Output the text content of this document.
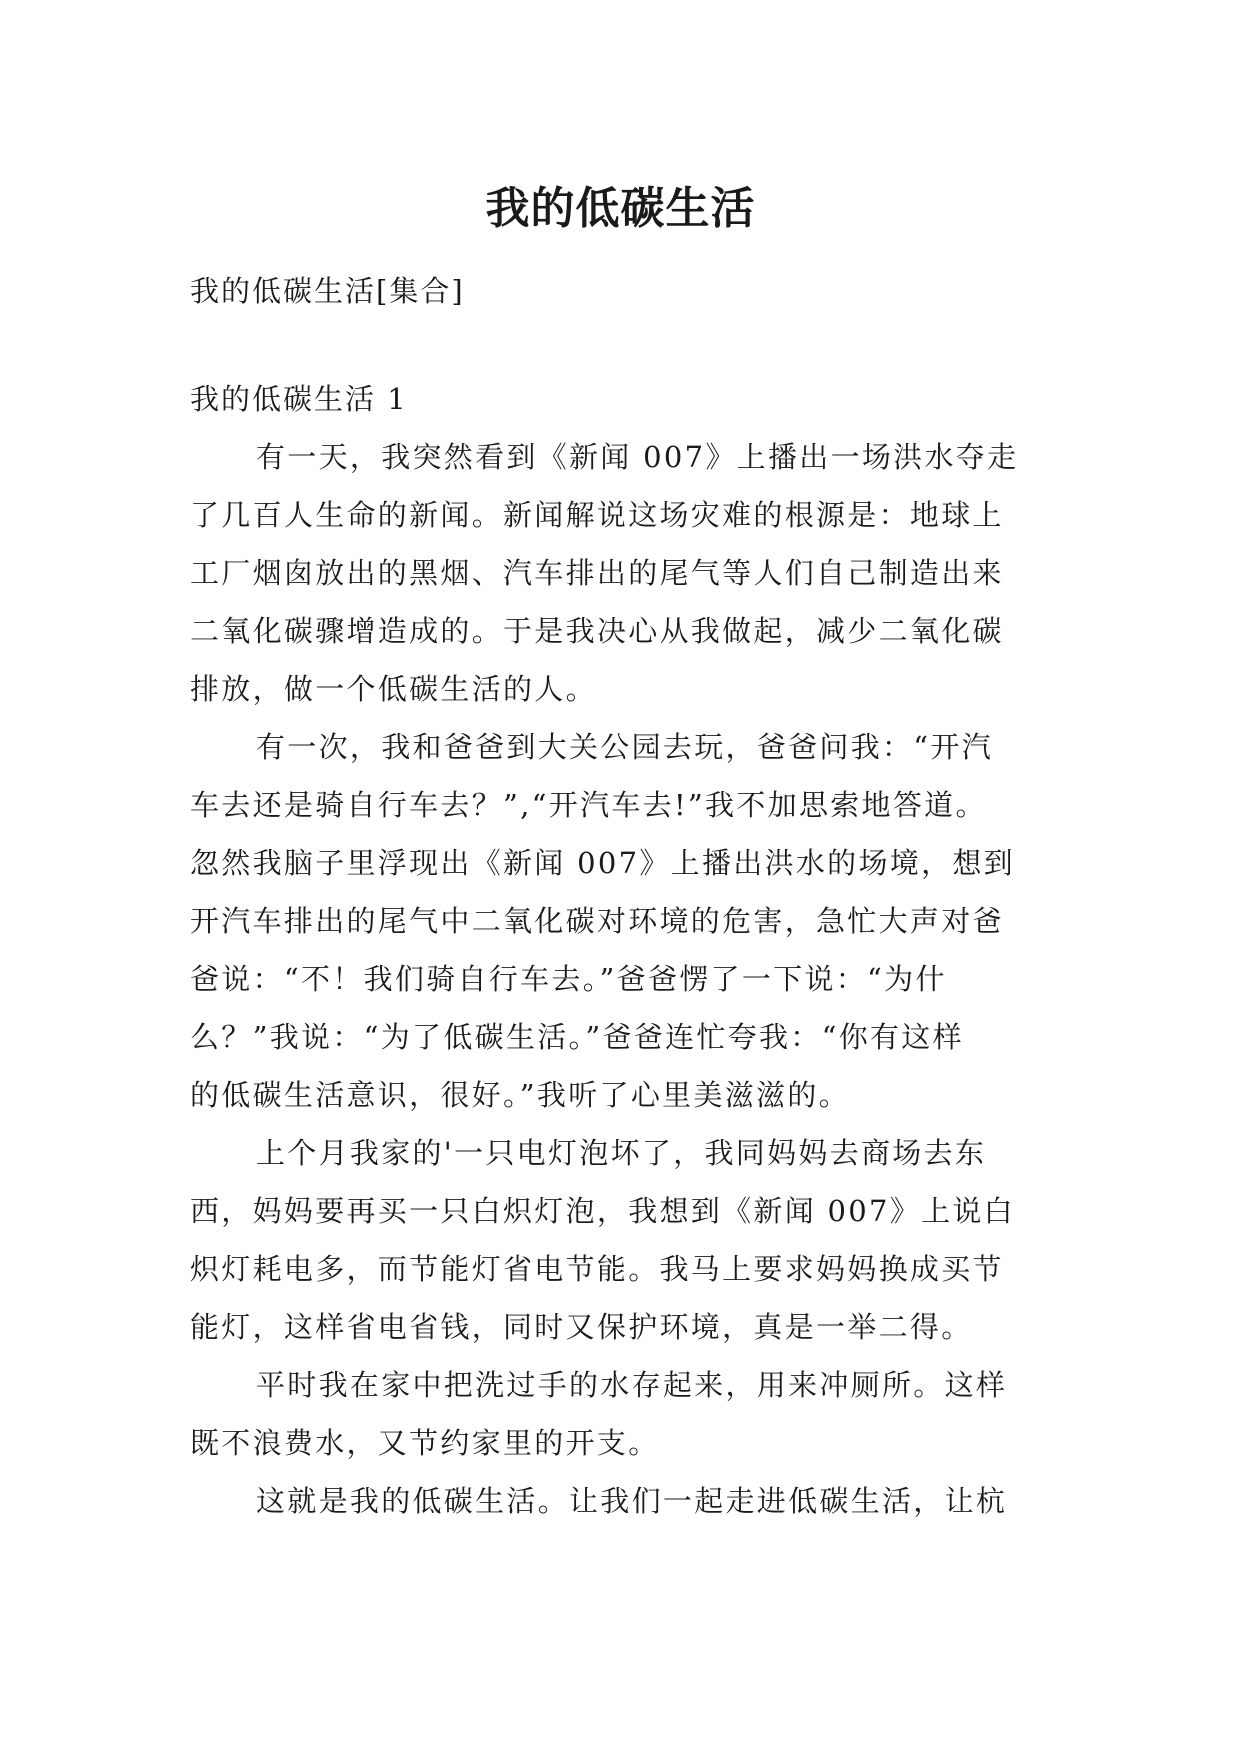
我的低碳生活

我的低碳生活[集合]

我的低碳生活 1

有一天，我突然看到《新闻 007》上播出一场洪水夺走
了几百人生命的新闻。新闻解说这场灾难的根源是：地球上
工厂烟囱放出的黑烟、汽车排出的尾气等人们自己制造出来
二氧化碳骤增造成的。于是我决心从我做起，减少二氧化碳
排放，做一个低碳生活的人。
有一次，我和爸爸到大关公园去玩，爸爸问我：“开汽
车去还是骑自行车去？”,“开汽车去!”我不加思索地答道。
忽然我脑子里浮现出《新闻 007》上播出洪水的场境，想到
开汽车排出的尾气中二氧化碳对环境的危害，急忙大声对爸
爸说：“不！我们骑自行车去。”爸爸愣了一下说：“为什
么？”我说：“为了低碳生活。”爸爸连忙夸我：“你有这样
的低碳生活意识，很好。”我听了心里美滋滋的。
上个月我家的'一只电灯泡坏了，我同妈妈去商场去东
西，妈妈要再买一只白炽灯泡，我想到《新闻 007》上说白
炽灯耗电多，而节能灯省电节能。我马上要求妈妈换成买节
能灯，这样省电省钱，同时又保护环境，真是一举二得。
平时我在家中把洗过手的水存起来，用来冲厕所。这样
既不浪费水，又节约家里的开支。
这就是我的低碳生活。让我们一起走进低碳生活，让杭
